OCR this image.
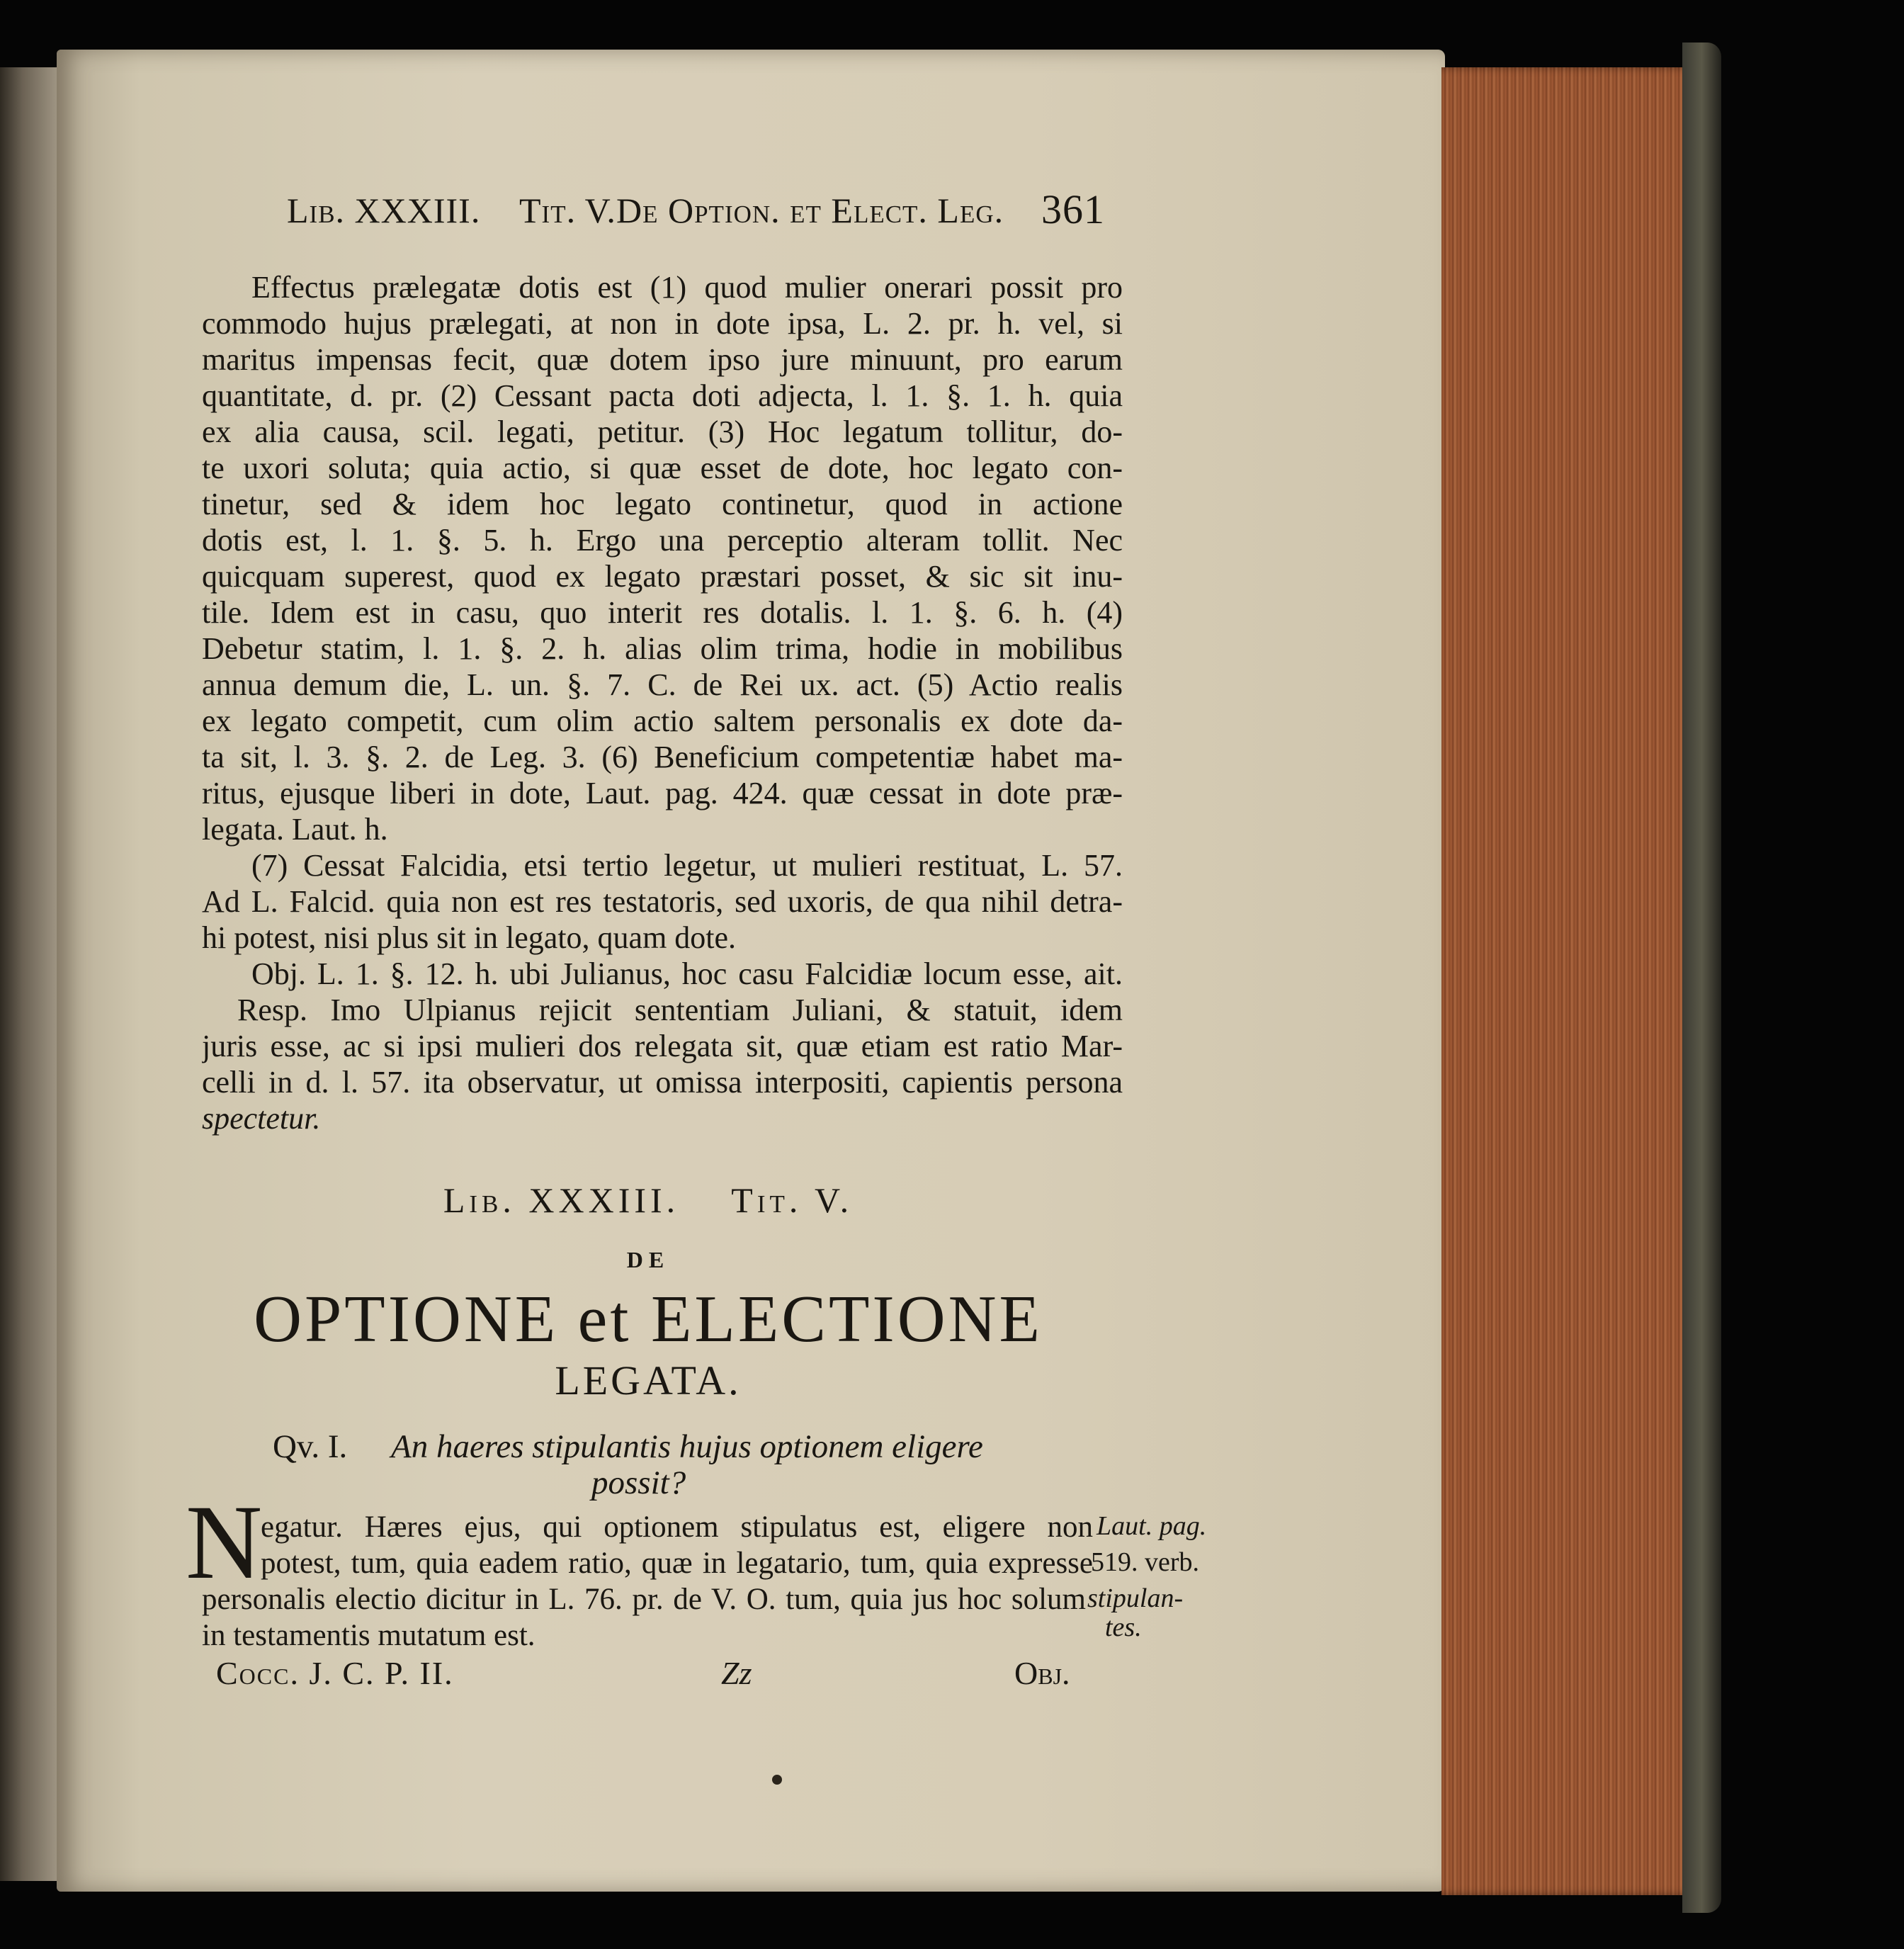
Lib. XXXIII. Tit. V. De Option. et Elect. Leg. 361
Effectus prælegatæ dotis est (1) quod mulier onerari possit pro
commodo hujus prælegati, at non in dote ipsa, L. 2. pr. h. vel, si
maritus impensas fecit, quæ dotem ipso jure minuunt, pro earum
quantitate, d. pr. (2) Cessant pacta doti adjecta, l. 1. §. 1. h. quia
ex alia causa, scil. legati, petitur. (3) Hoc legatum tollitur, do-
te uxori soluta; quia actio, si quæ esset de dote, hoc legato con-
tinetur, sed & idem hoc legato continetur, quod in actione
dotis est, l. 1. §. 5. h. Ergo una perceptio alteram tollit. Nec
quicquam superest, quod ex legato præstari posset, & sic sit inu-
tile. Idem est in casu, quo interit res dotalis. l. 1. §. 6. h. (4)
Debetur statim, l. 1. §. 2. h. alias olim trima, hodie in mobilibus
annua demum die, L. un. §. 7. C. de Rei ux. act. (5) Actio realis
ex legato competit, cum olim actio saltem personalis ex dote da-
ta sit, l. 3. §. 2. de Leg. 3. (6) Beneficium competentiæ habet ma-
ritus, ejusque liberi in dote, Laut. pag. 424. quæ cessat in dote præ-
legata. Laut. h.
(7) Cessat Falcidia, etsi tertio legetur, ut mulieri restituat, L. 57.
Ad L. Falcid. quia non est res testatoris, sed uxoris, de qua nihil detra-
hi potest, nisi plus sit in legato, quam dote.
Obj. L. 1. §. 12. h. ubi Julianus, hoc casu Falcidiæ locum esse, ait.
Resp. Imo Ulpianus rejicit sententiam Juliani, & statuit, idem
juris esse, ac si ipsi mulieri dos relegata sit, quæ etiam est ratio Mar-
celli in d. l. 57. ita observatur, ut omissa interpositi, capientis persona
spectetur.
Lib. XXXIII. Tit. V.
DE
OPTIONE et ELECTIONE
LEGATA.
Qv. I. An haeres stipulantis hujus optionem eligere
possit?
N
egatur. Hæres ejus, qui optionem stipulatus est, eligere non
potest, tum, quia eadem ratio, quæ in legatario, tum, quia expresse
personalis electio dicitur in L. 76. pr. de V. O. tum, quia jus hoc solum
in testamentis mutatum est.
Laut. pag.
519. verb.
stipulan-
tes.
Cocc. J. C. P. II.	Zz	Obj.
